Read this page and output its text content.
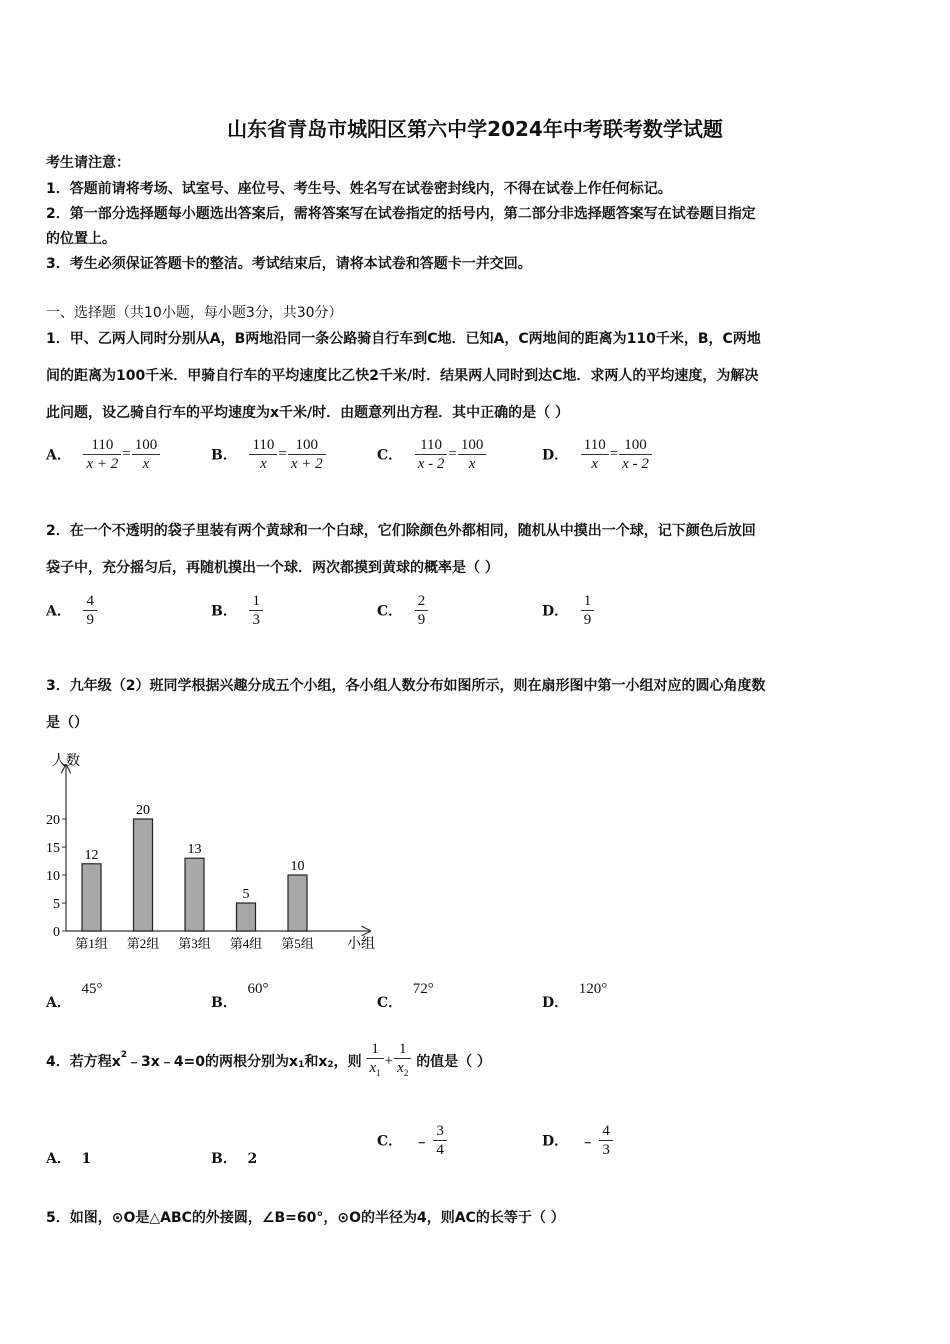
山东省青岛市城阳区第六中学2024年中考联考数学试题
考生请注意：
1．答题前请将考场、试室号、座位号、考生号、姓名写在试卷密封线内，不得在试卷上作任何标记。
2．第一部分选择题每小题选出答案后，需将答案写在试卷指定的括号内，第二部分非选择题答案写在试卷题目指定
的位置上。
3．考生必须保证答题卡的整洁。考试结束后，请将本试卷和答题卡一并交回。
一、选择题（共10小题，每小题3分，共30分）
1．甲、乙两人同时分别从A，B两地沿同一条公路骑自行车到C地．已知A，C两地间的距离为110千米，B，C两地
间的距离为100千米．甲骑自行车的平均速度比乙快2千米/时．结果两人同时到达C地．求两人的平均速度，为解决
此问题，设乙骑自行车的平均速度为x千米/时．由题意列出方程．其中正确的是（ ）
A． $\frac{110}{x + 2} = \frac{100}{x}$	B． $\frac{110}{x} = \frac{100}{x + 2}$	C． $\frac{110}{x - 2} = \frac{100}{x}$	D． $\frac{110}{x} = \frac{100}{x - 2}$
2．在一个不透明的袋子里装有两个黄球和一个白球，它们除颜色外都相同，随机从中摸出一个球，记下颜色后放回
袋子中，充分摇匀后，再随机摸出一个球．两次都摸到黄球的概率是（ ）
A． $\frac{4}{9}$	B． $\frac{1}{3}$	C． $\frac{2}{9}$	D． $\frac{1}{9}$
3．九年级（2）班同学根据兴趣分成五个小组，各小组人数分布如图所示，则在扇形图中第一小组对应的圆心角度数
是（）
人数
小组
0
5
10
15
20
12
第1组
20
第2组
13
第3组
5
第4组
10
第5组
A． 45°
B． 60°
C． 72°
D． 120°
4．若方程$x^2﹣3x﹣4=0$的两根分别为$x_1$和$x_2$，则 $\frac{1}{x_1} + \frac{1}{x_2}$ 的值是（ ）
A． 1	B． 2
C． ﹣ $\frac{3}{4}$	D． ﹣ $\frac{4}{3}$
5．如图，⊙O是△ABC的外接圆，∠B=60°，⊙O的半径为4，则AC的长等于（ ）
